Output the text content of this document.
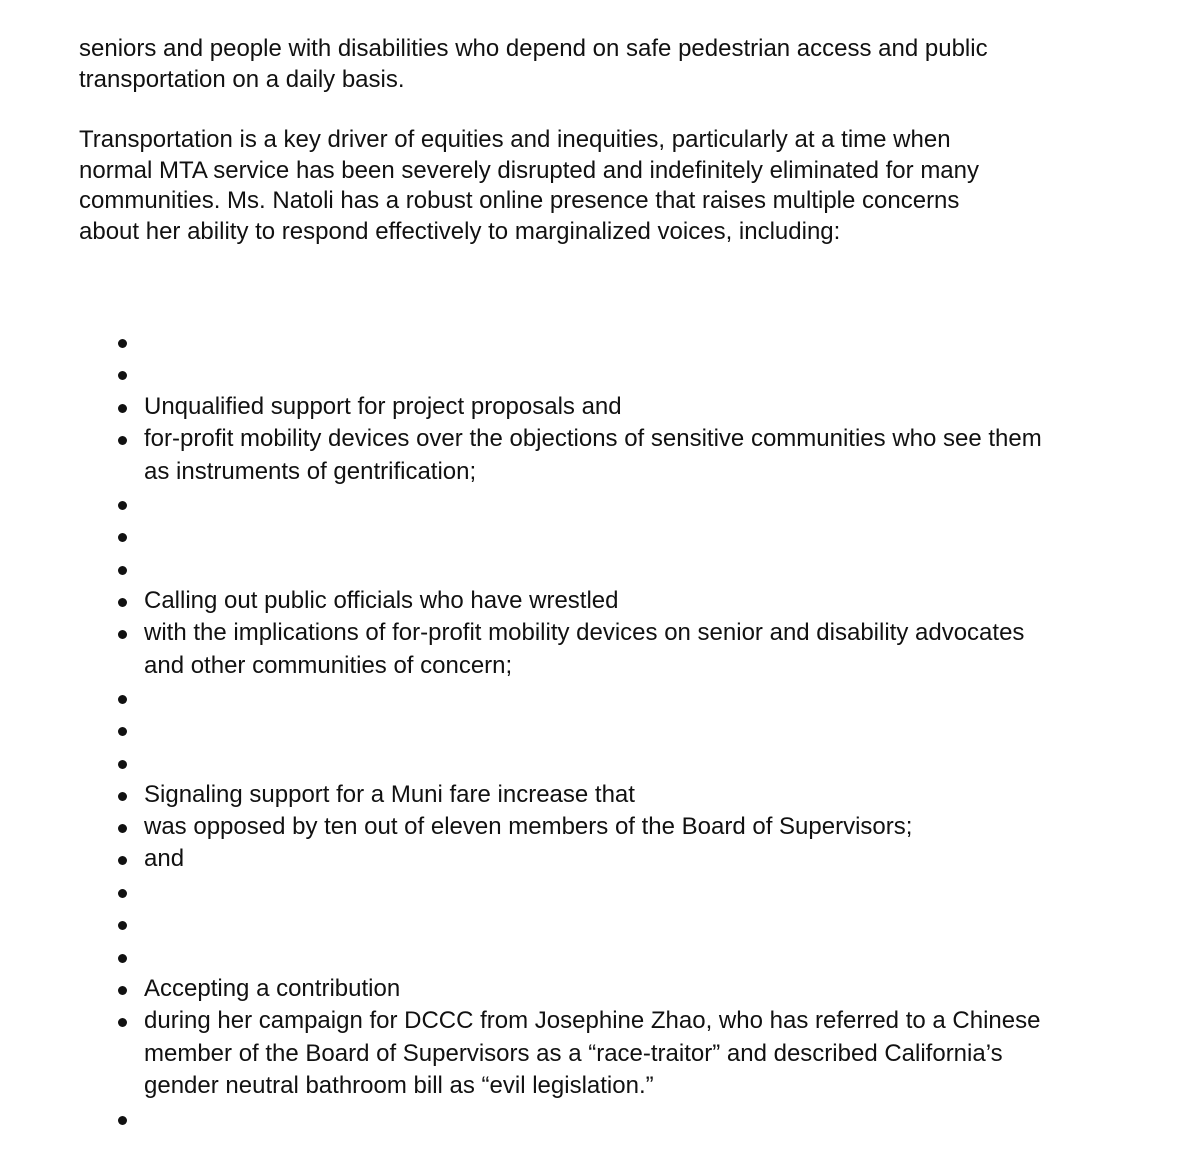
seniors and people with disabilities who depend on safe pedestrian access and public
transportation on a daily basis.

Transportation is a key driver of equities and inequities, particularly at a time when
normal MTA service has been severely disrupted and indefinitely eliminated for many
communities. Ms. Natoli has a robust online presence that raises multiple concerns
about her ability to respond effectively to marginalized voices, including:

Unqualified support for project proposals and
for-profit mobility devices over the objections of sensitive communities who see them
as instruments of gentrification;
Calling out public officials who have wrestled
with the implications of for-profit mobility devices on senior and disability advocates
and other communities of concern;
Signaling support for a Muni fare increase that
was opposed by ten out of eleven members of the Board of Supervisors;
and
Accepting a contribution
during her campaign for DCCC from Josephine Zhao, who has referred to a Chinese
member of the Board of Supervisors as a “race-traitor” and described California’s
gender neutral bathroom bill as “evil legislation.”
